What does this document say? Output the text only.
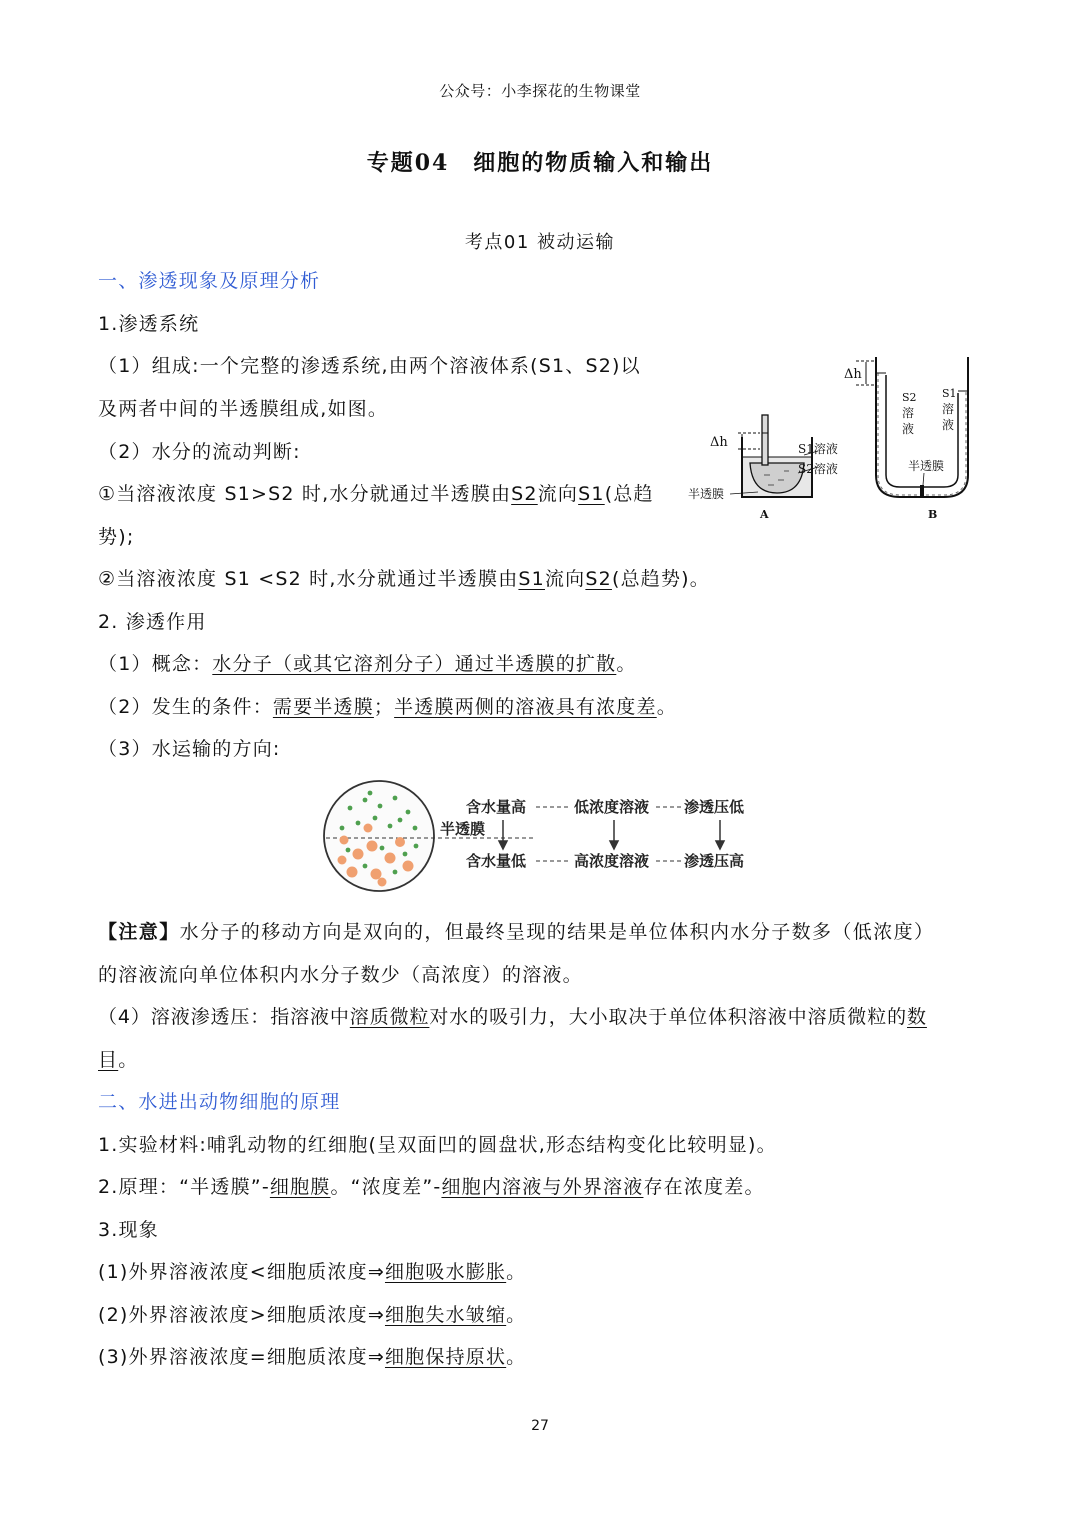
公众号：小李探花的生物课堂
专题04　细胞的物质输入和输出
考点01 被动运输
一、渗透现象及原理分析
1.渗透系统
（1）组成:一个完整的渗透系统,由两个溶液体系(S1、S2)以
及两者中间的半透膜组成,如图。
（2）水分的流动判断:
①当溶液浓度 S1>S2 时,水分就通过半透膜由S2流向S1(总趋
势);
②当溶液浓度 S1 <S2 时,水分就通过半透膜由S1流向S2(总趋势)。
2. 渗透作用
（1）概念：水分子（或其它溶剂分子）通过半透膜的扩散。
（2）发生的条件：需要半透膜；半透膜两侧的溶液具有浓度差。
（3）水运输的方向:
【注意】水分子的移动方向是双向的，但最终呈现的结果是单位体积内水分子数多（低浓度）
的溶液流向单位体积内水分子数少（高浓度）的溶液。
（4）溶液渗透压：指溶液中溶质微粒对水的吸引力，大小取决于单位体积溶液中溶质微粒的数
目。
二、水进出动物细胞的原理
1.实验材料:哺乳动物的红细胞(呈双面凹的圆盘状,形态结构变化比较明显)。
2.原理：“半透膜”-细胞膜。“浓度差”-细胞内溶液与外界溶液存在浓度差。
3.现象
(1)外界溶液浓度<细胞质浓度⇒细胞吸水膨胀。
(2)外界溶液浓度>细胞质浓度⇒细胞失水皱缩。
(3)外界溶液浓度=细胞质浓度⇒细胞保持原状。
27
Δh	S1溶液
S2溶液
半透膜
A
Δh
S2
溶
液
S1
溶
液
半透膜
B
半透膜
含水量高	低浓度溶液 渗透压低
含水量低	高浓度溶液 渗透压高
